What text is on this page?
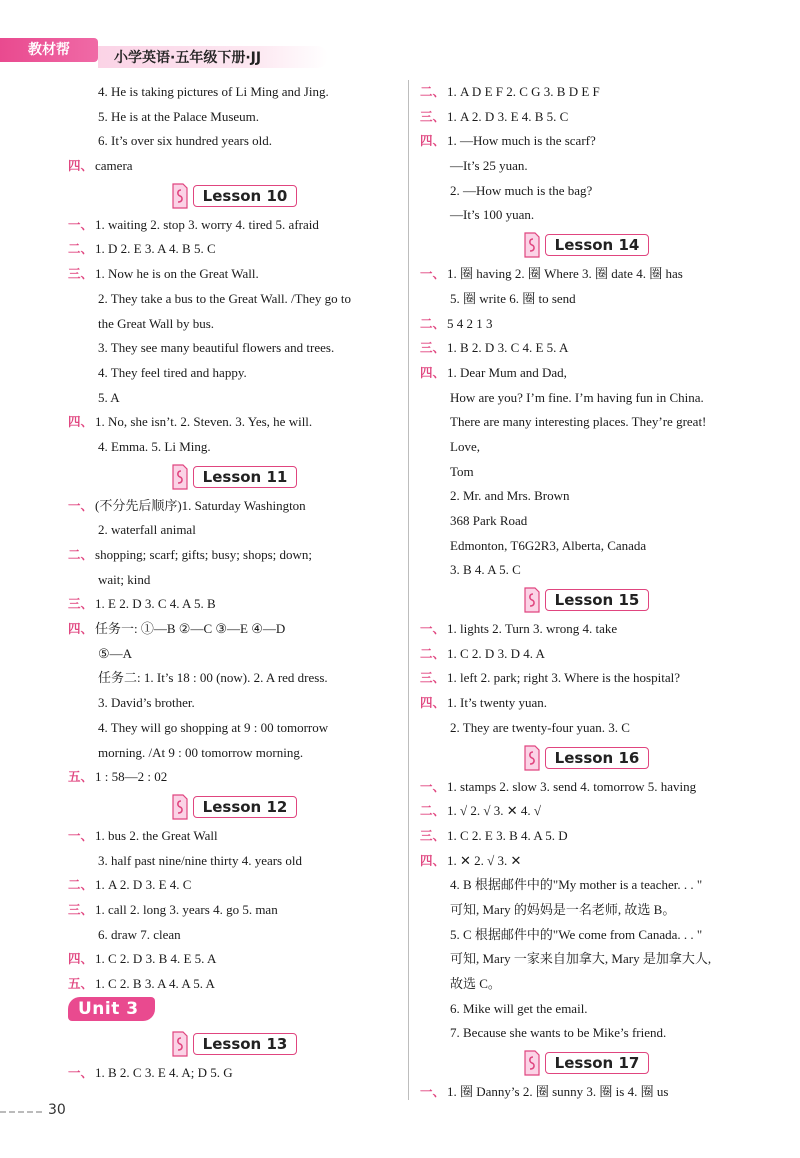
教材帮	小学英语·五年级下册·JJ
4. He is taking pictures of Li Ming and Jing.
5. He is at the Palace Museum.
6. It’s over six hundred years old.
四、 camera
Lesson 10
一、 1. waiting 2. stop 3. worry 4. tired 5. afraid
二、 1. D 2. E 3. A 4. B 5. C
三、 1. Now he is on the Great Wall.
2. They take a bus to the Great Wall. /They go to
the Great Wall by bus.
3. They see many beautiful flowers and trees.
4. They feel tired and happy.
5. A
四、 1. No, she isn’t. 2. Steven. 3. Yes, he will.
4. Emma. 5. Li Ming.
Lesson 11
一、 (不分先后顺序)1. Saturday Washington
2. waterfall animal
二、 shopping; scarf; gifts; busy; shops; down;
wait; kind
三、 1. E 2. D 3. C 4. A 5. B
四、 任务一: ①—B ②—C ③—E ④—D
⑤—A
任务二: 1. It’s 18 : 00 (now). 2. A red dress.
3. David’s brother.
4. They will go shopping at 9 : 00 tomorrow
morning. /At 9 : 00 tomorrow morning.
五、 1 : 58—2 : 02
Lesson 12
一、 1. bus 2. the Great Wall
3. half past nine/nine thirty 4. years old
二、 1. A 2. D 3. E 4. C
三、 1. call 2. long 3. years 4. go 5. man
6. draw 7. clean
四、 1. C 2. D 3. B 4. E 5. A
五、 1. C 2. B 3. A 4. A 5. A
Unit 3
Lesson 13
一、 1. B 2. C 3. E 4. A; D 5. G
二、 1. A D E F 2. C G 3. B D E F
三、 1. A 2. D 3. E 4. B 5. C
四、 1. —How much is the scarf?
—It’s 25 yuan.
2. —How much is the bag?
—It’s 100 yuan.
Lesson 14
一、 1. 圈 having 2. 圈 Where 3. 圈 date 4. 圈 has
5. 圈 write 6. 圈 to send
二、 5 4 2 1 3
三、 1. B 2. D 3. C 4. E 5. A
四、 1. Dear Mum and Dad,
How are you? I’m fine. I’m having fun in China.
There are many interesting places. They’re great!
Love,
Tom
2. Mr. and Mrs. Brown
368 Park Road
Edmonton, T6G2R3, Alberta, Canada
3. B 4. A 5. C
Lesson 15
一、 1. lights 2. Turn 3. wrong 4. take
二、 1. C 2. D 3. D 4. A
三、 1. left 2. park; right 3. Where is the hospital?
四、 1. It’s twenty yuan.
2. They are twenty-four yuan. 3. C
Lesson 16
一、 1. stamps 2. slow 3. send 4. tomorrow 5. having
二、 1. √ 2. √ 3. ✕ 4. √
三、 1. C 2. E 3. B 4. A 5. D
四、 1. ✕ 2. √ 3. ✕
4. B 根据邮件中的"My mother is a teacher. . . "
可知, Mary 的妈妈是一名老师, 故选 B。
5. C 根据邮件中的"We come from Canada. . . "
可知, Mary 一家来自加拿大, Mary 是加拿大人,
故选 C。
6. Mike will get the email.
7. Because she wants to be Mike’s friend.
Lesson 17
一、 1. 圈 Danny’s 2. 圈 sunny 3. 圈 is 4. 圈 us
30
